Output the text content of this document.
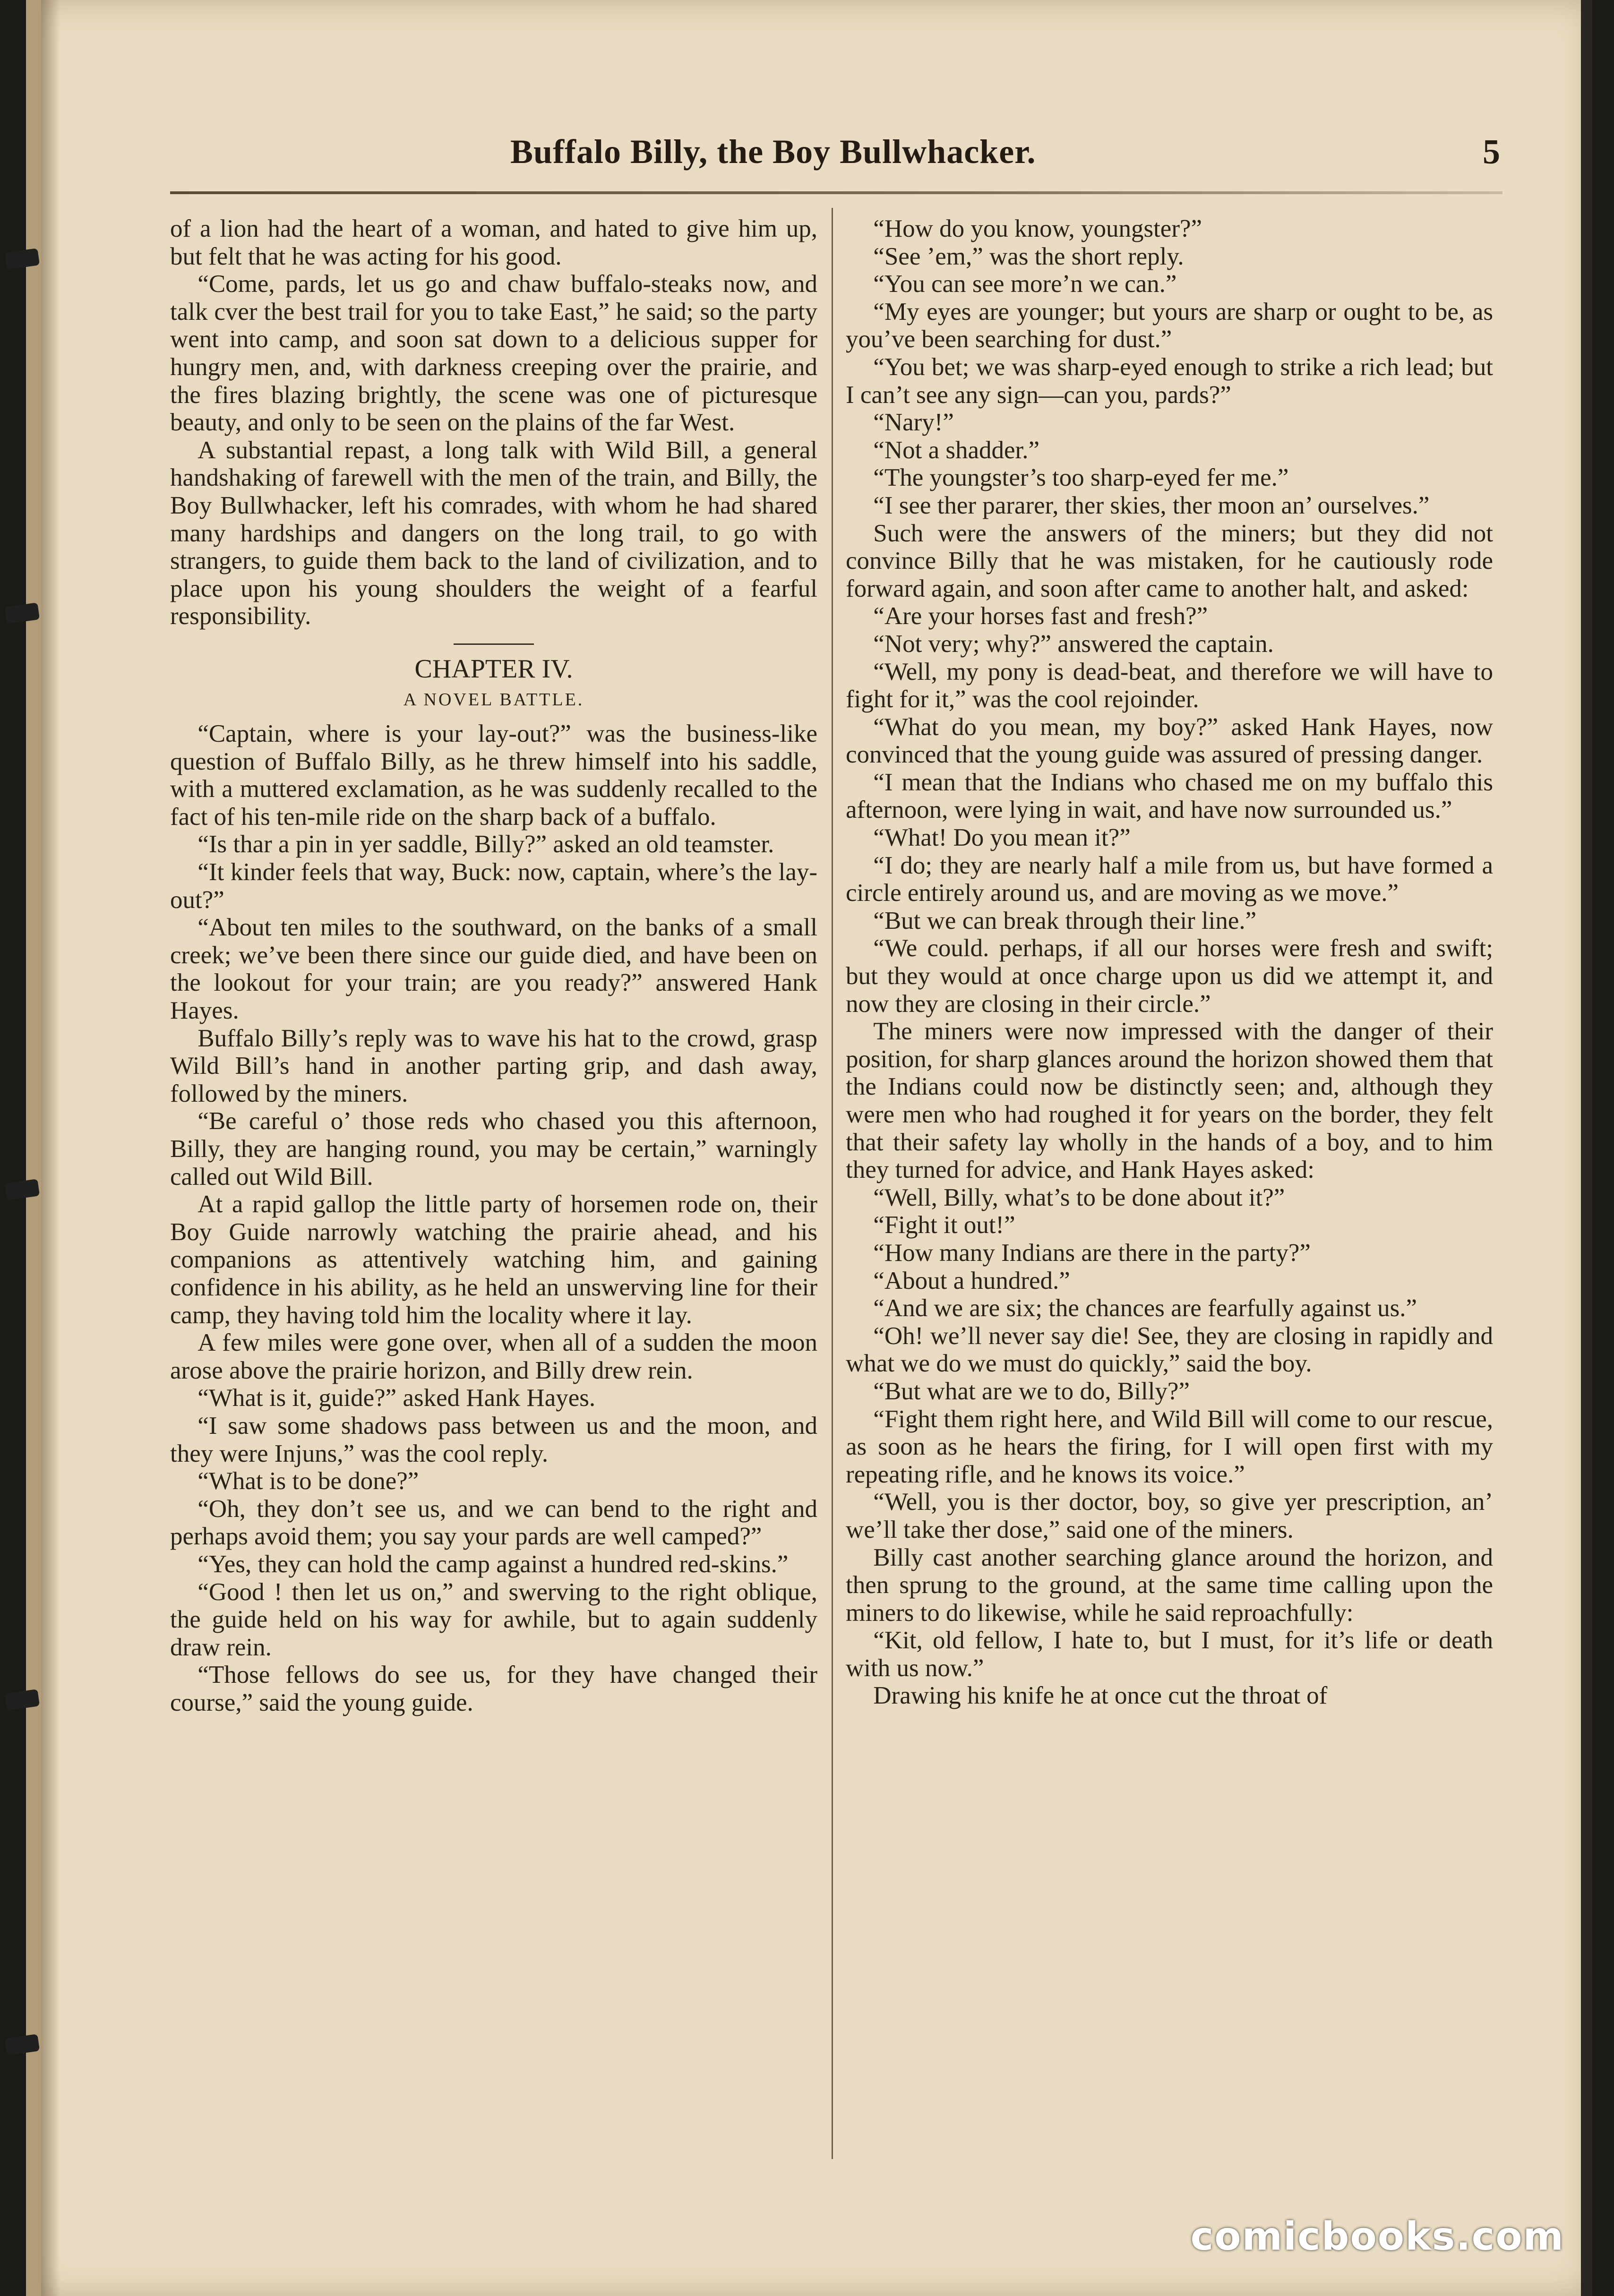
Buffalo Billy, the Boy Bullwhacker.	5

of a lion had the heart of a woman, and hated to give him up, but felt that he was acting for his good.

“Come, pards, let us go and chaw buffalo-steaks now, and talk cver the best trail for you to take East,” he said; so the party went into camp, and soon sat down to a delicious supper for hungry men, and, with darkness creeping over the prairie, and the fires blazing brightly, the scene was one of picturesque beauty, and only to be seen on the plains of the far West.

A substantial repast, a long talk with Wild Bill, a general handshaking of farewell with the men of the train, and Billy, the Boy Bullwhacker, left his comrades, with whom he had shared many hardships and dangers on the long trail, to go with strangers, to guide them back to the land of civilization, and to place upon his young shoulders the weight of a fearful responsibility.

CHAPTER IV.

A NOVEL BATTLE.

“Captain, where is your lay-out?” was the business-like question of Buffalo Billy, as he threw himself into his saddle, with a muttered exclamation, as he was suddenly recalled to the fact of his ten-mile ride on the sharp back of a buffalo.

“Is thar a pin in yer saddle, Billy?” asked an old teamster.

“It kinder feels that way, Buck: now, captain, where’s the lay-out?”

“About ten miles to the southward, on the banks of a small creek; we’ve been there since our guide died, and have been on the lookout for your train; are you ready?” answered Hank Hayes.

Buffalo Billy’s reply was to wave his hat to the crowd, grasp Wild Bill’s hand in another parting grip, and dash away, followed by the miners.

“Be careful o’ those reds who chased you this afternoon, Billy, they are hanging round, you may be certain,” warningly called out Wild Bill.

At a rapid gallop the little party of horsemen rode on, their Boy Guide narrowly watching the prairie ahead, and his companions as attentively watching him, and gaining confidence in his ability, as he held an unswerving line for their camp, they having told him the locality where it lay.

A few miles were gone over, when all of a sudden the moon arose above the prairie horizon, and Billy drew rein.

“What is it, guide?” asked Hank Hayes.

“I saw some shadows pass between us and the moon, and they were Injuns,” was the cool reply.

“What is to be done?”

“Oh, they don’t see us, and we can bend to the right and perhaps avoid them; you say your pards are well camped?”

“Yes, they can hold the camp against a hundred red-skins.”

“Good ! then let us on,” and swerving to the right oblique, the guide held on his way for awhile, but to again suddenly draw rein.

“Those fellows do see us, for they have changed their course,” said the young guide.

“How do you know, youngster?”

“See ’em,” was the short reply.

“You can see more’n we can.”

“My eyes are younger; but yours are sharp or ought to be, as you’ve been searching for dust.”

“You bet; we was sharp-eyed enough to strike a rich lead; but I can’t see any sign—can you, pards?”

“Nary!”

“Not a shadder.”

“The youngster’s too sharp-eyed fer me.”

“I see ther pararer, ther skies, ther moon an’ ourselves.”

Such were the answers of the miners; but they did not convince Billy that he was mistaken, for he cautiously rode forward again, and soon after came to another halt, and asked:

“Are your horses fast and fresh?”

“Not very; why?” answered the captain.

“Well, my pony is dead-beat, and therefore we will have to fight for it,” was the cool rejoinder.

“What do you mean, my boy?” asked Hank Hayes, now convinced that the young guide was assured of pressing danger.

“I mean that the Indians who chased me on my buffalo this afternoon, were lying in wait, and have now surrounded us.”

“What! Do you mean it?”

“I do; they are nearly half a mile from us, but have formed a circle entirely around us, and are moving as we move.”

“But we can break through their line.”

“We could. perhaps, if all our horses were fresh and swift; but they would at once charge upon us did we attempt it, and now they are closing in their circle.”

The miners were now impressed with the danger of their position, for sharp glances around the horizon showed them that the Indians could now be distinctly seen; and, although they were men who had roughed it for years on the border, they felt that their safety lay wholly in the hands of a boy, and to him they turned for advice, and Hank Hayes asked:

“Well, Billy, what’s to be done about it?”

“Fight it out!”

“How many Indians are there in the party?”

“About a hundred.”

“And we are six; the chances are fearfully against us.”

“Oh! we’ll never say die! See, they are closing in rapidly and what we do we must do quickly,” said the boy.

“But what are we to do, Billy?”

“Fight them right here, and Wild Bill will come to our rescue, as soon as he hears the firing, for I will open first with my repeating rifle, and he knows its voice.”

“Well, you is ther doctor, boy, so give yer prescription, an’ we’ll take ther dose,” said one of the miners.

Billy cast another searching glance around the horizon, and then sprung to the ground, at the same time calling upon the miners to do likewise, while he said reproachfully:

“Kit, old fellow, I hate to, but I must, for it’s life or death with us now.”

Drawing his knife he at once cut the throat of

comicbooks.com
